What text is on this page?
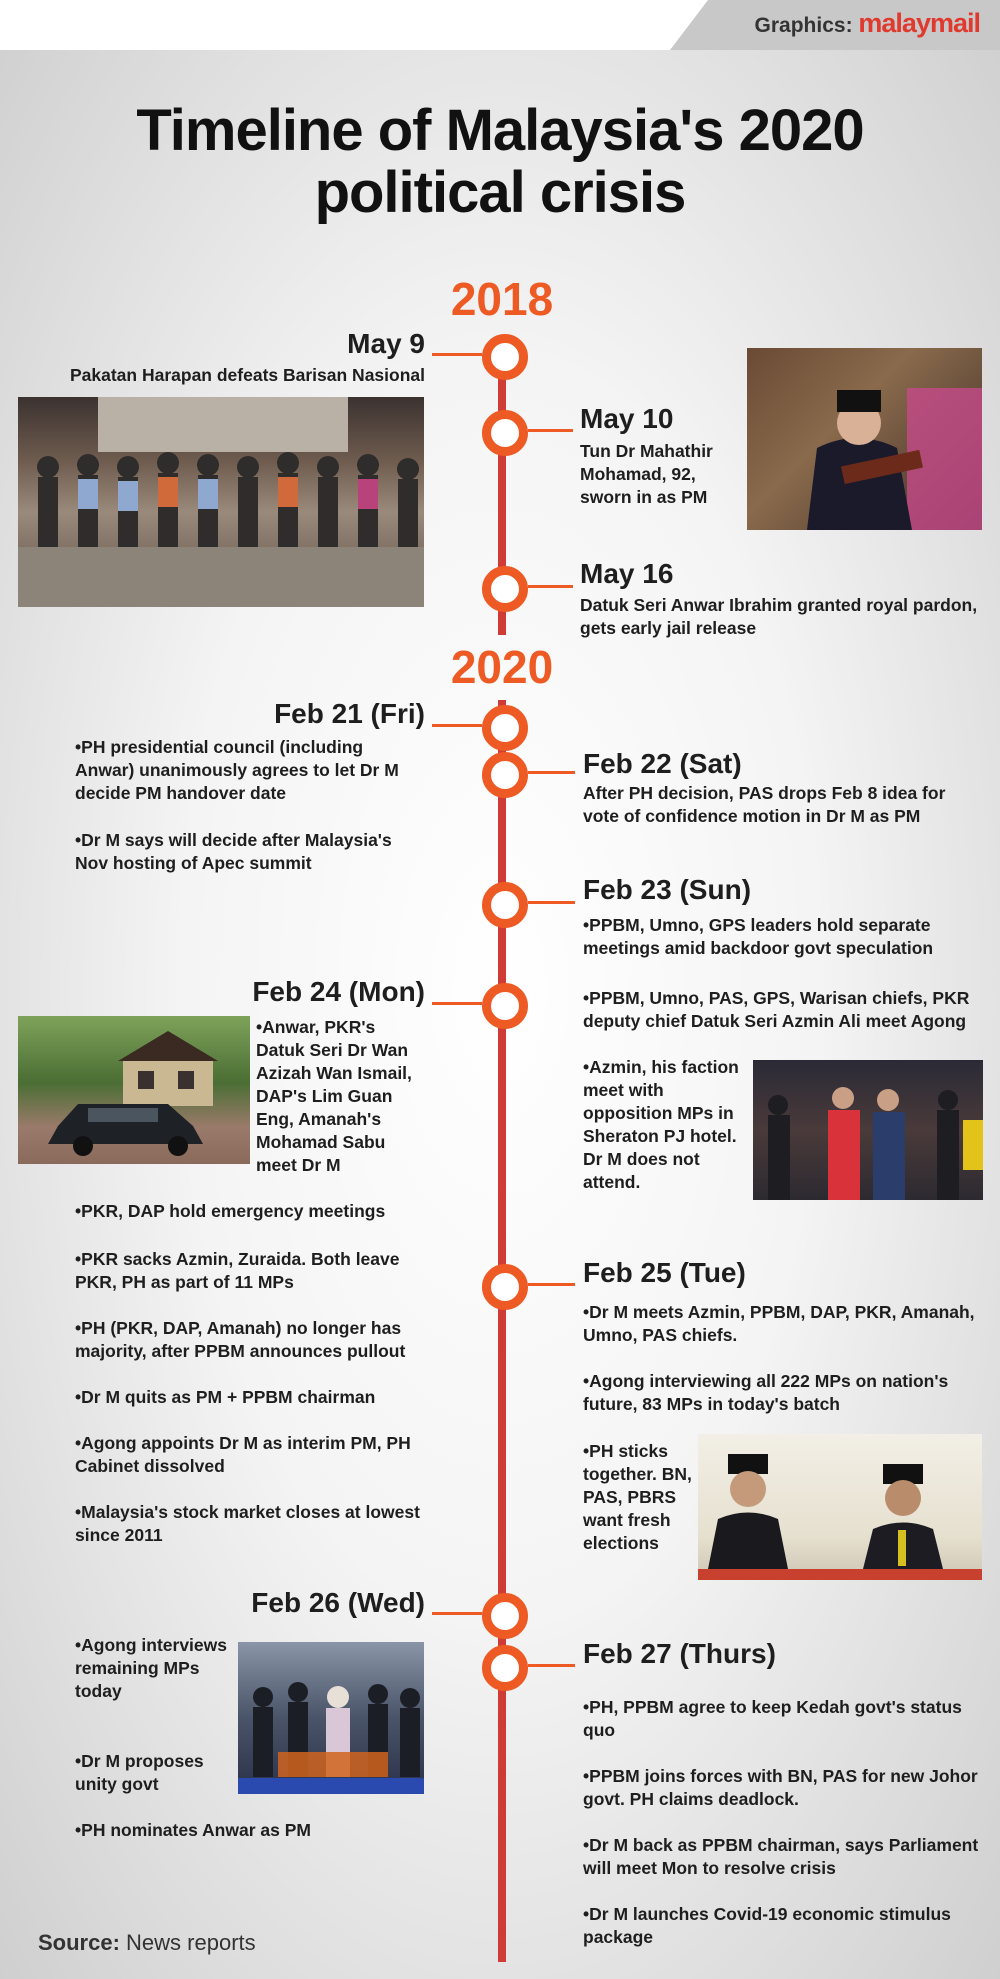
Graphics: malaymail
Timeline of Malaysia's 2020
political crisis
2018
2020
May 9
Pakatan Harapan defeats Barisan Nasional
May 10
Tun Dr Mahathir Mohamad, 92, sworn in as PM
May 16
Datuk Seri Anwar Ibrahim granted royal pardon, gets early jail release
Feb 21 (Fri)
• PH presidential council (including Anwar) unanimously agrees to let Dr M decide PM handover date
• Dr M says will decide after Malaysia's Nov hosting of Apec summit
Feb 22 (Sat)
After PH decision, PAS drops Feb 8 idea for vote of confidence motion in Dr M as PM
Feb 23 (Sun)
• PPBM, Umno, GPS leaders hold separate meetings amid backdoor govt speculation
• PPBM, Umno, PAS, GPS, Warisan chiefs, PKR deputy chief Datuk Seri Azmin Ali meet Agong
• Azmin, his faction meet with opposition MPs in Sheraton PJ hotel. Dr M does not attend.
Feb 24 (Mon)
• Anwar, PKR's Datuk Seri Dr Wan Azizah Wan Ismail, DAP's Lim Guan Eng, Amanah's Mohamad Sabu meet Dr M
• PKR, DAP hold emergency meetings
• PKR sacks Azmin, Zuraida. Both leave PKR, PH as part of 11 MPs
• PH (PKR, DAP, Amanah) no longer has majority, after PPBM announces pullout
• Dr M quits as PM + PPBM chairman
• Agong appoints Dr M as interim PM, PH Cabinet dissolved
• Malaysia's stock market closes at lowest since 2011
Feb 25 (Tue)
• Dr M meets Azmin, PPBM, DAP, PKR, Amanah, Umno, PAS chiefs.
• Agong interviewing all 222 MPs on nation's future, 83 MPs in today's batch
• PH sticks together. BN, PAS, PBRS want fresh elections
Feb 26 (Wed)
• Agong interviews remaining MPs today
• Dr M proposes unity govt
• PH nominates Anwar as PM
Feb 27 (Thurs)
• PH, PPBM agree to keep Kedah govt's status quo
• PPBM joins forces with BN, PAS for new Johor govt. PH claims deadlock.
• Dr M back as PPBM chairman, says Parliament will meet Mon to resolve crisis
• Dr M launches Covid-19 economic stimulus package
Source: News reports
